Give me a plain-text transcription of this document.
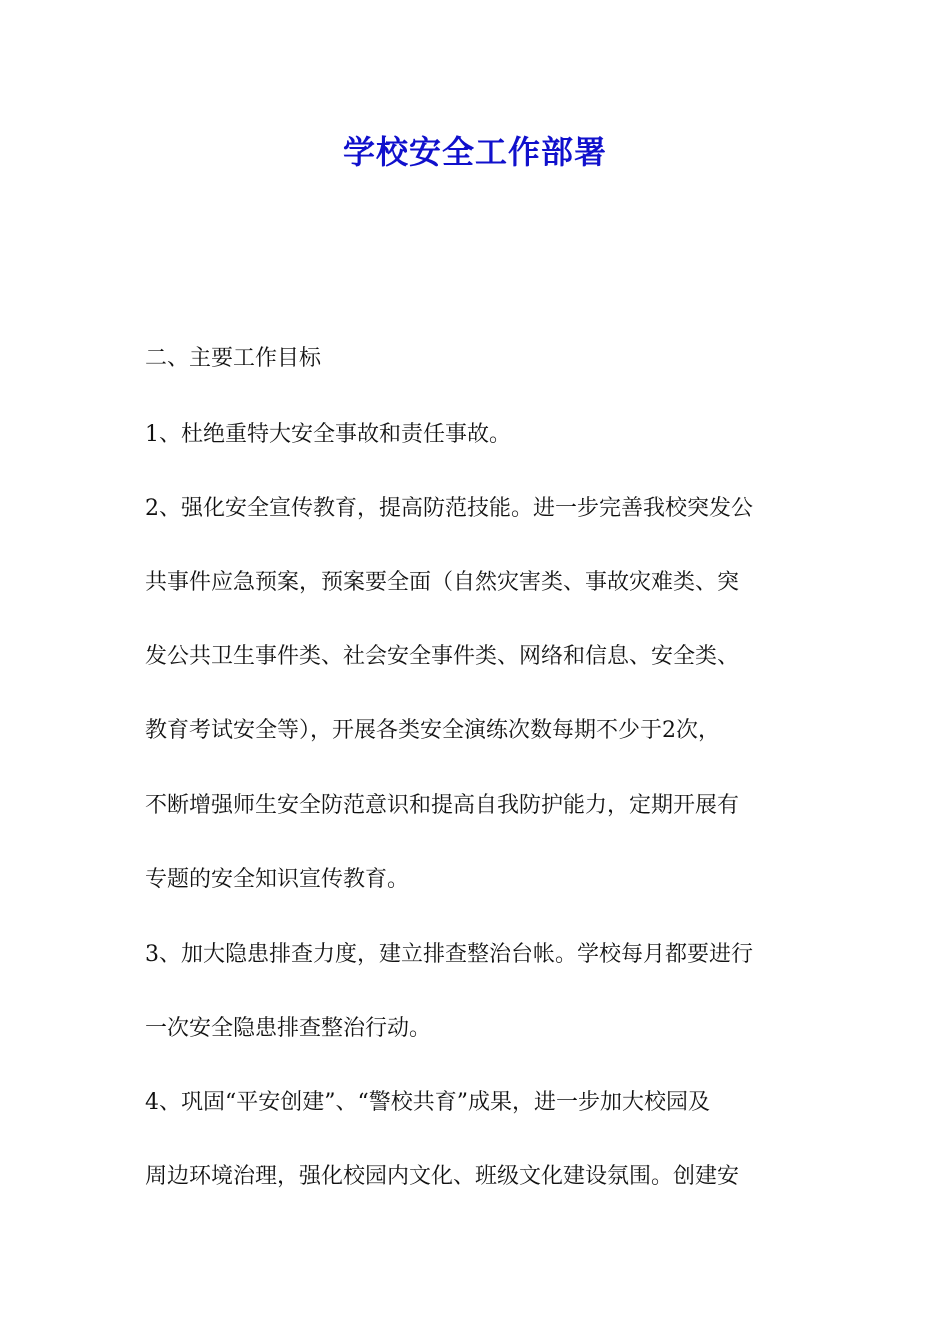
学校安全工作部署
二、主要工作目标
1、杜绝重特大安全事故和责任事故。
2、强化安全宣传教育，提高防范技能。进一步完善我校突发公
共事件应急预案，预案要全面（自然灾害类、事故灾难类、突
发公共卫生事件类、社会安全事件类、网络和信息、安全类、
教育考试安全等），开展各类安全演练次数每期不少于2次，
不断增强师生安全防范意识和提高自我防护能力，定期开展有
专题的安全知识宣传教育。
3、加大隐患排查力度，建立排查整治台帐。学校每月都要进行
一次安全隐患排查整治行动。
4、巩固“平安创建”、“警校共育”成果，进一步加大校园及
周边环境治理，强化校园内文化、班级文化建设氛围。创建安
